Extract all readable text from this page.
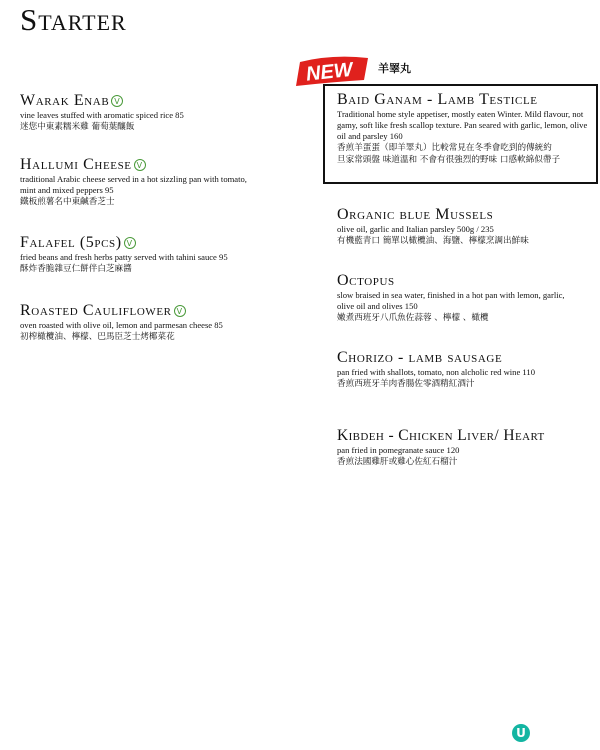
Starter
Warak Enab V
vine leaves stuffed with aromatic spiced rice 85
迷您中東素糯米雞 葡萄葉釀飯
Hallumi Cheese V
traditional Arabic cheese served in a hot sizzling pan with tomato, mint and mixed peppers 95
鐵板煎薯名中東鹹香芝士
Falafel (5pcs) V
fried beans and fresh herbs patty served with tahini sauce 95
酥炸香脆雜豆仁餅伴白芝麻醬
Roasted Cauliflower V
oven roasted with olive oil, lemon and parmesan cheese 85
初榨橄欖油、檸檬、巴馬臣芝士烤椰菜花
NEW 羊睪丸
Baid Ganam - Lamb Testicle
Traditional home style appetiser, mostly eaten Winter. Mild flavour, not gamy, soft like fresh scallop texture. Pan seared with garlic, lemon, olive oil and parsley 160
香煎羊蛋蛋（即羊睪丸）比較常見在冬季會吃到的傳統約
旦家常頭盤 味道溫和 不會有很強烈的野味 口感軟綿似帶子
Organic blue Mussels
olive oil, garlic and Italian parsley 500g / 235
有機藍青口 簡單以橄欖油、海鹽、檸檬烹調出鮮味
Octopus
slow braised in sea water, finished in a hot pan with lemon, garlic, olive oil and olives 150
嫩煮西班牙八爪魚佐蒜蓉 、檸檬 、橄欖
Chorizo - lamb sausage
pan fried with shallots, tomato, non alcholic red wine 110
香煎西班牙羊肉香腸佐零酒精紅酒汁
Kibdeh - Chicken Liver/ Heart
pan fried in pomegranate sauce 120
香煎法國雞肝或雞心佐紅石榴汁
U
